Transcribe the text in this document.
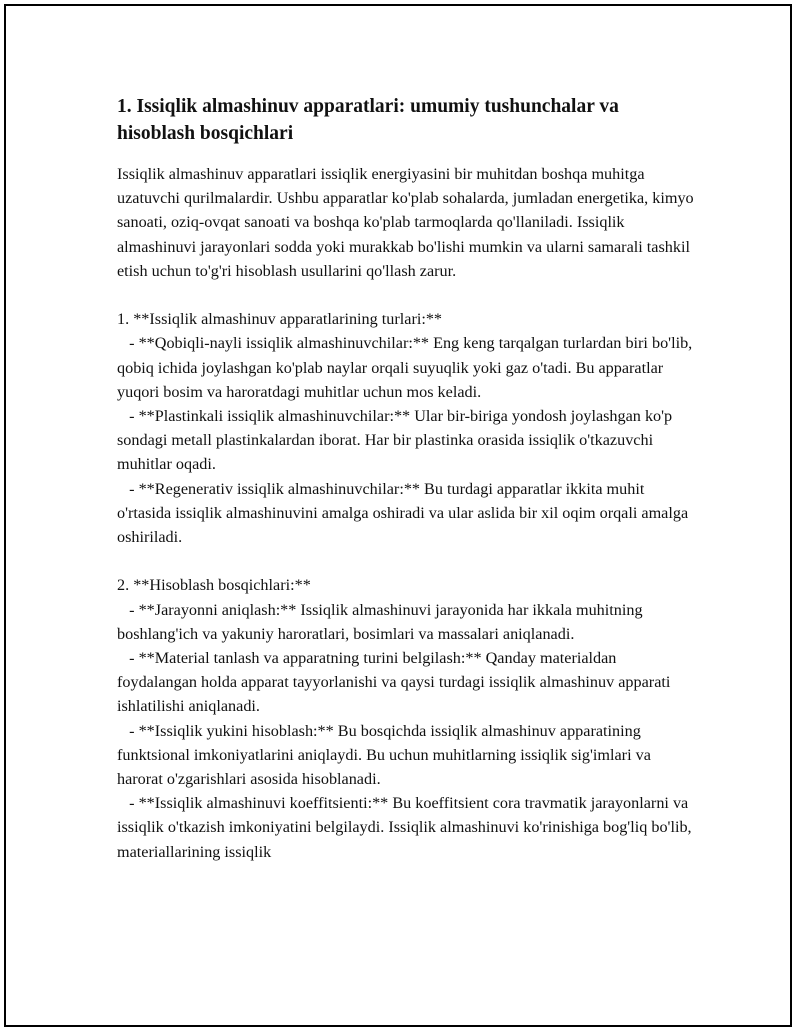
1. Issiqlik almashinuv apparatlari: umumiy tushunchalar va hisoblash bosqichlari

Issiqlik almashinuv apparatlari issiqlik energiyasini bir muhitdan boshqa muhitga uzatuvchi qurilmalardir. Ushbu apparatlar ko'plab sohalarda, jumladan energetika, kimyo sanoati, oziq-ovqat sanoati va boshqa ko'plab tarmoqlarda qo'llaniladi. Issiqlik almashinuvi jarayonlari sodda yoki murakkab bo'lishi mumkin va ularni samarali tashkil etish uchun to'g'ri hisoblash usullarini qo'llash zarur.

1. **Issiqlik almashinuv apparatlarining turlari:**

- **Qobiqli-nayli issiqlik almashinuvchilar:** Eng keng tarqalgan turlardan biri bo'lib, qobiq ichida joylashgan ko'plab naylar orqali suyuqlik yoki gaz o'tadi. Bu apparatlar yuqori bosim va haroratdagi muhitlar uchun mos keladi.

- **Plastinkali issiqlik almashinuvchilar:** Ular bir-biriga yondosh joylashgan ko'p sondagi metall plastinkalardan iborat. Har bir plastinka orasida issiqlik o'tkazuvchi muhitlar oqadi.

- **Regenerativ issiqlik almashinuvchilar:** Bu turdagi apparatlar ikkita muhit o'rtasida issiqlik almashinuvini amalga oshiradi va ular aslida bir xil oqim orqali amalga oshiriladi.

2. **Hisoblash bosqichlari:**

- **Jarayonni aniqlash:** Issiqlik almashinuvi jarayonida har ikkala muhitning boshlang'ich va yakuniy haroratlari, bosimlari va massalari aniqlanadi.

- **Material tanlash va apparatning turini belgilash:** Qanday materialdan foydalangan holda apparat tayyorlanishi va qaysi turdagi issiqlik almashinuv apparati ishlatilishi aniqlanadi.

- **Issiqlik yukini hisoblash:** Bu bosqichda issiqlik almashinuv apparatining funktsional imkoniyatlarini aniqlaydi. Bu uchun muhitlarning issiqlik sig'imlari va harorat o'zgarishlari asosida hisoblanadi.

- **Issiqlik almashinuvi koeffitsienti:** Bu koeffitsient cora travmatik jarayonlarni va issiqlik o'tkazish imkoniyatini belgilaydi. Issiqlik almashinuvi ko'rinishiga bog'liq bo'lib, materiallarining issiqlik
